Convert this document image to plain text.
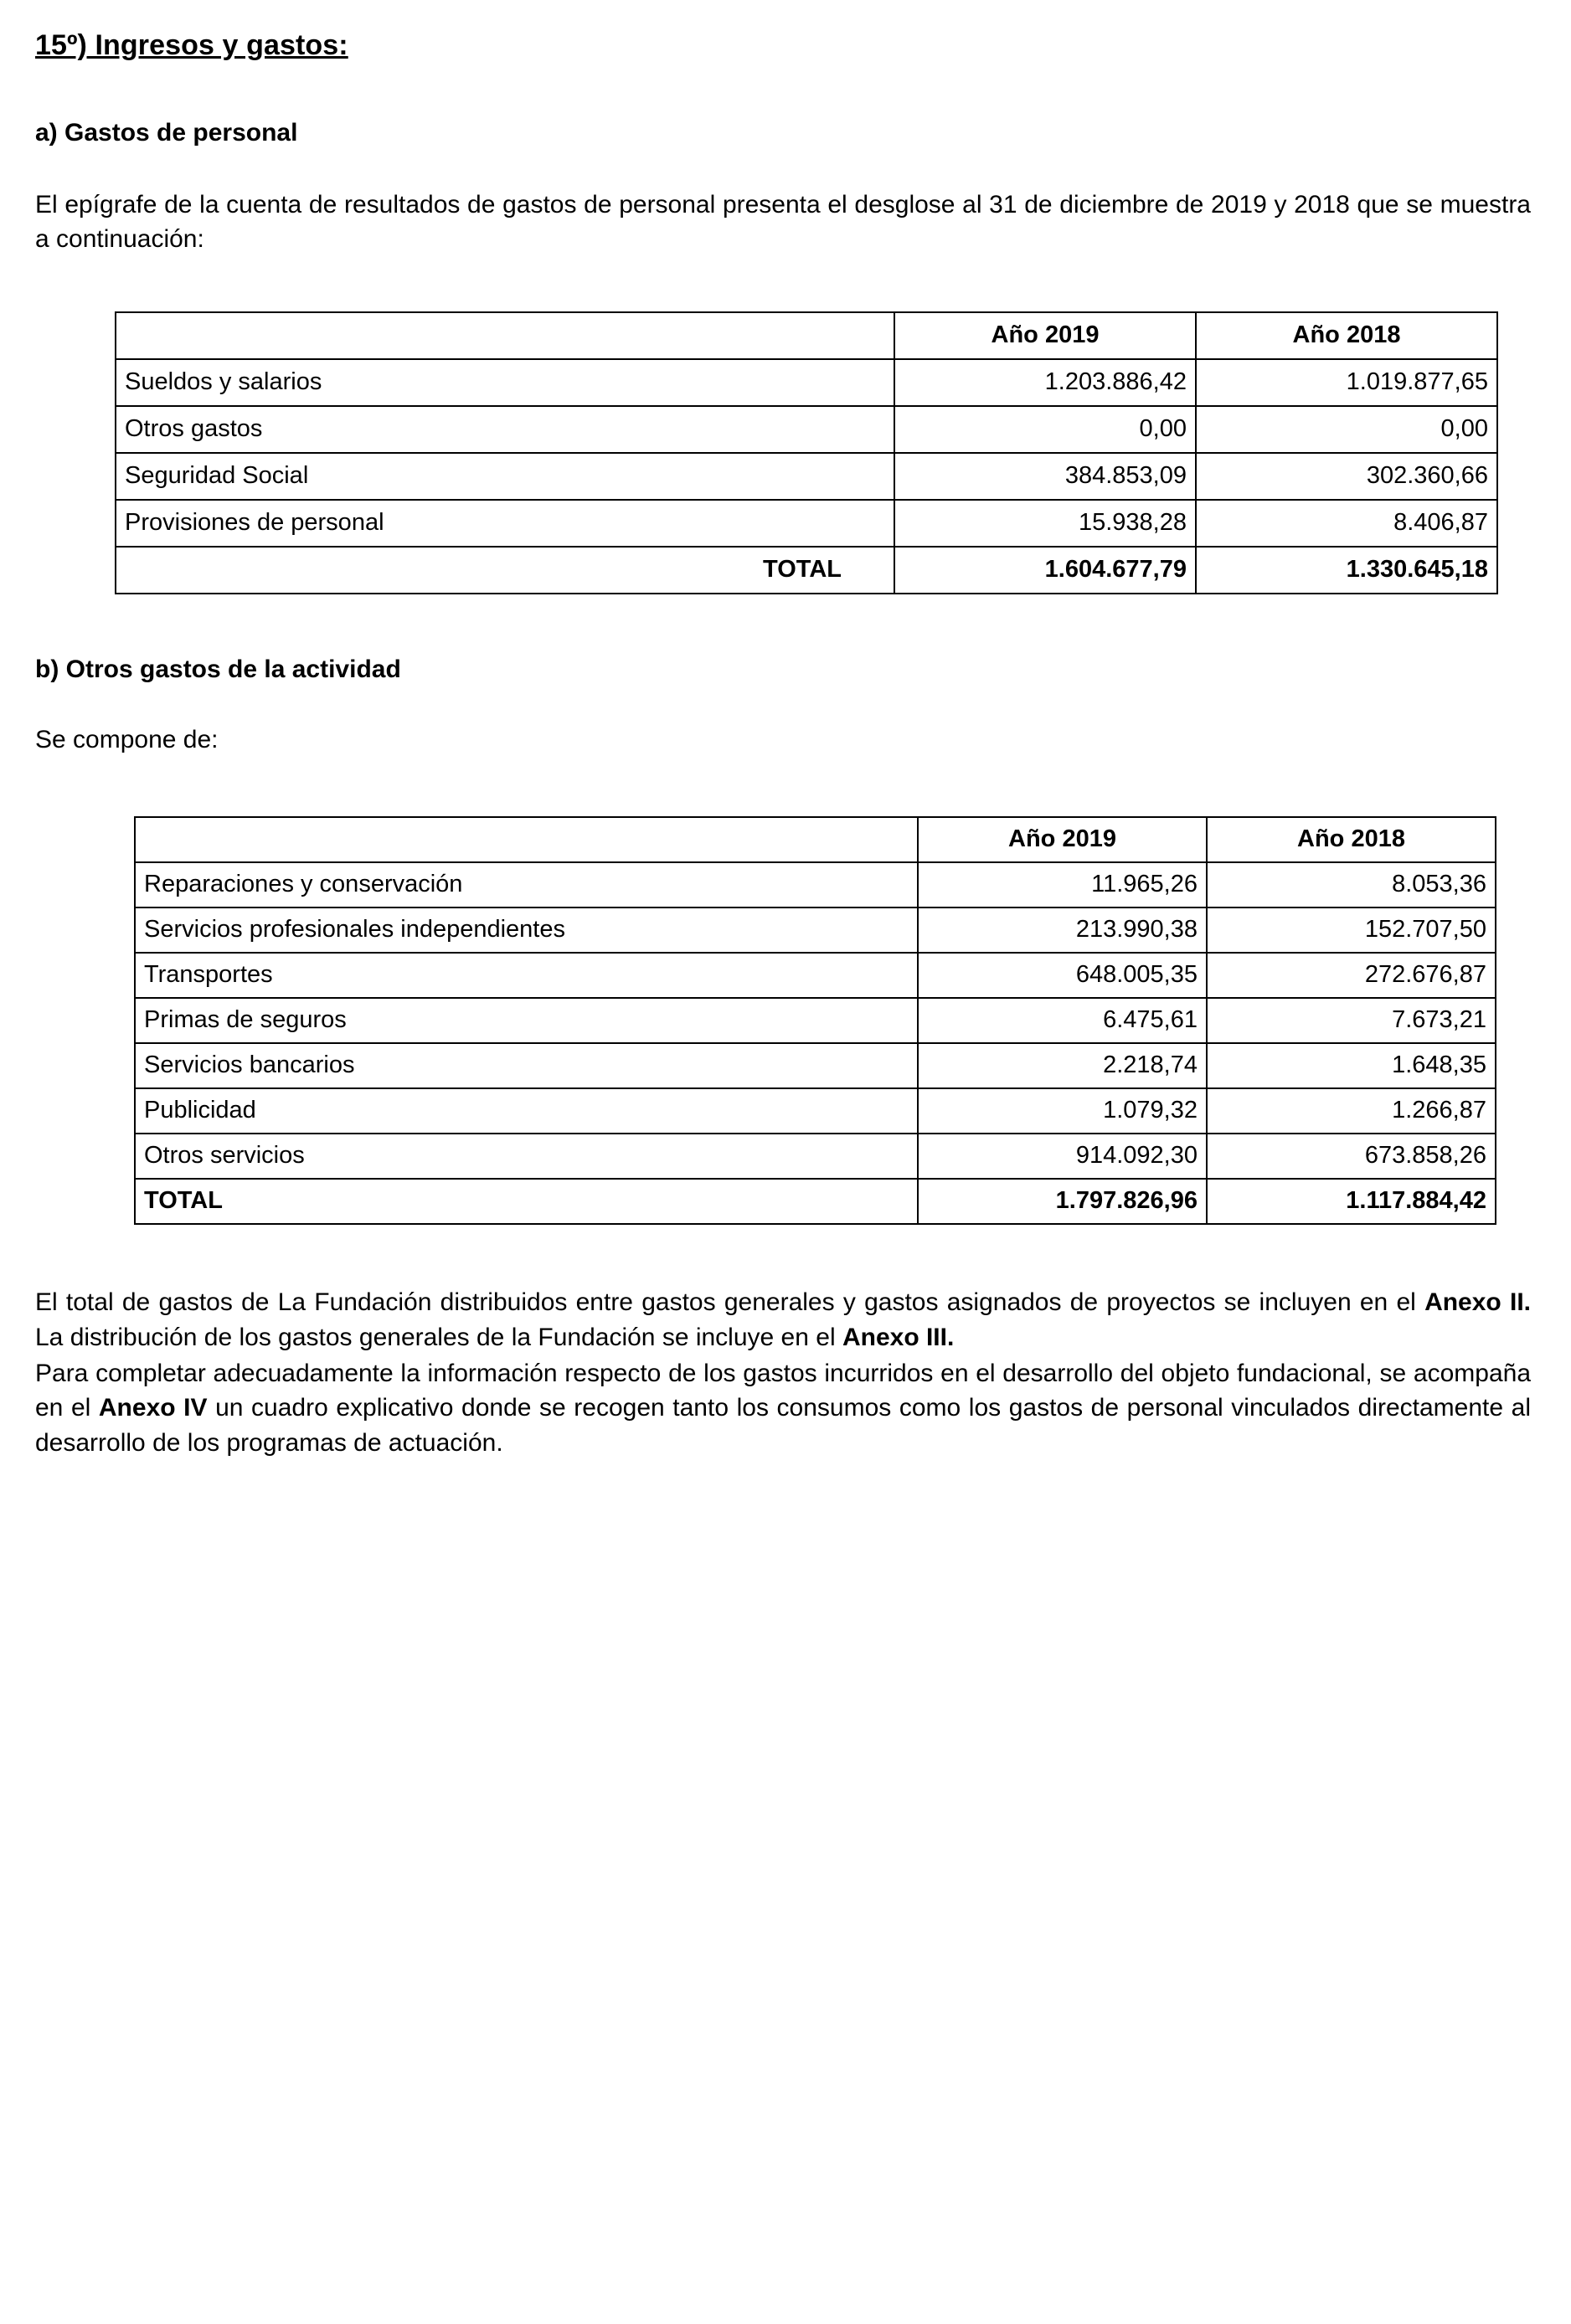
15º) Ingresos y gastos:

a) Gastos de personal

El epígrafe de la cuenta de resultados de gastos de personal presenta el desglose al 31 de diciembre de 2019 y 2018 que se muestra a continuación:

	Año 2019	Año 2018
Sueldos y salarios	1.203.886,42	1.019.877,65
Otros gastos	0,00	0,00
Seguridad Social	384.853,09	302.360,66
Provisiones de personal	15.938,28	8.406,87
TOTAL	1.604.677,79	1.330.645,18

b) Otros gastos de la actividad

Se compone de:

	Año 2019	Año 2018
Reparaciones y conservación	11.965,26	8.053,36
Servicios profesionales independientes	213.990,38	152.707,50
Transportes	648.005,35	272.676,87
Primas de seguros	6.475,61	7.673,21
Servicios bancarios	2.218,74	1.648,35
Publicidad	1.079,32	1.266,87
Otros servicios	914.092,30	673.858,26
TOTAL	1.797.826,96	1.117.884,42

El total de gastos de La Fundación distribuidos entre gastos generales y gastos asignados de proyectos se incluyen en el Anexo II. La distribución de los gastos generales de la Fundación se incluye en el Anexo III.

Para completar adecuadamente la información respecto de los gastos incurridos en el desarrollo del objeto fundacional, se acompaña en el Anexo IV un cuadro explicativo donde se recogen tanto los consumos como los gastos de personal vinculados directamente al desarrollo de los programas de actuación.
